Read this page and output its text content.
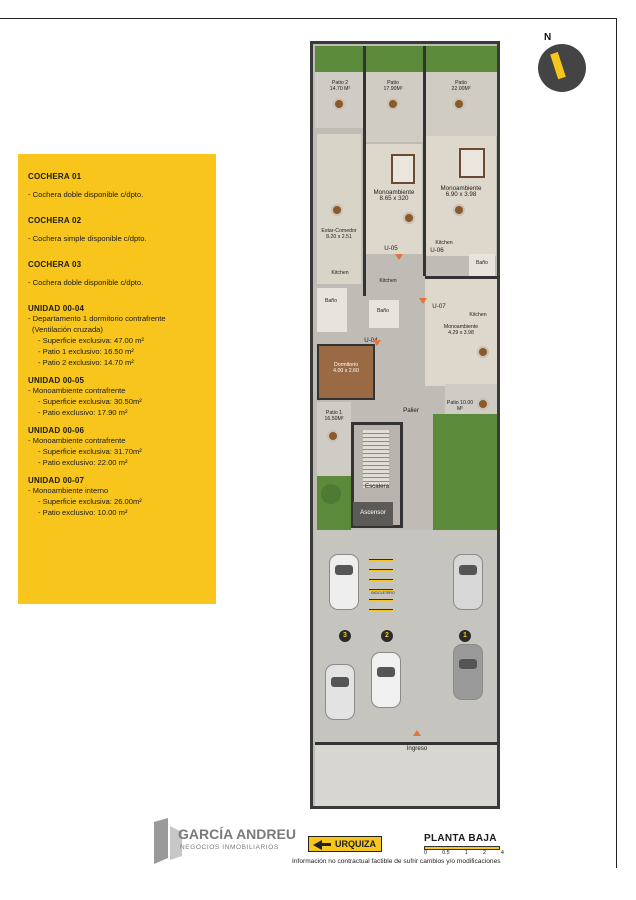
COCHERA 01
- Cochera doble disponible c/dpto.
COCHERA 02
- Cochera simple disponible c/dpto.
COCHERA 03
- Cochera doble disponible c/dpto.
UNIDAD 00-04
- Departamento 1 dormitorio contrafrente
(Ventilación cruzada)
- Superficie exclusiva: 47.00 m²
- Patio 1 exclusivo: 16.50 m²
- Patio 2 exclusivo: 14.70 m²
UNIDAD 00-05
- Monoambiente contrafrente
- Superficie exclusiva: 30.50m²
- Patio exclusivo: 17.90 m²
UNIDAD 00-06
- Monoambiente contrafrente
- Superficie exclusiva: 31.70m²
- Patio exclusivo: 22.00 m²
UNIDAD 00-07
- Monoambiente interno
- Superficie exclusiva: 26.00m²
- Patio exclusivo: 10.00 m²
N
Patio 2
14.70 M²
Patio
17.90M²
Patio
22.00M²
Monoambiente
8.65 x 320
Monoambiente
6.90 x 3.98
Estar-Comedor
8.20 x 2.51
U-05	U-06
Kitchen
Kitchen
Kitchen
Baño
Baño
Baño
U-07
Kitchen
Monoambiente
4.29 x 3.98
Patio 10.00 M²
U-04
Dormitorio
4.00 x 2.60
Patio 1
16.50M²
Palier
Escalera
Ascensor
BICICLETERO
3	2	1
Ingreso
GARCÍA ANDREU
NEGOCIOS INMOBILIARIOS	URQUIZA	PLANTA BAJA
0	0.5	1	2	4
Información no contractual factible de sufrir cambios y/o modificaciones
